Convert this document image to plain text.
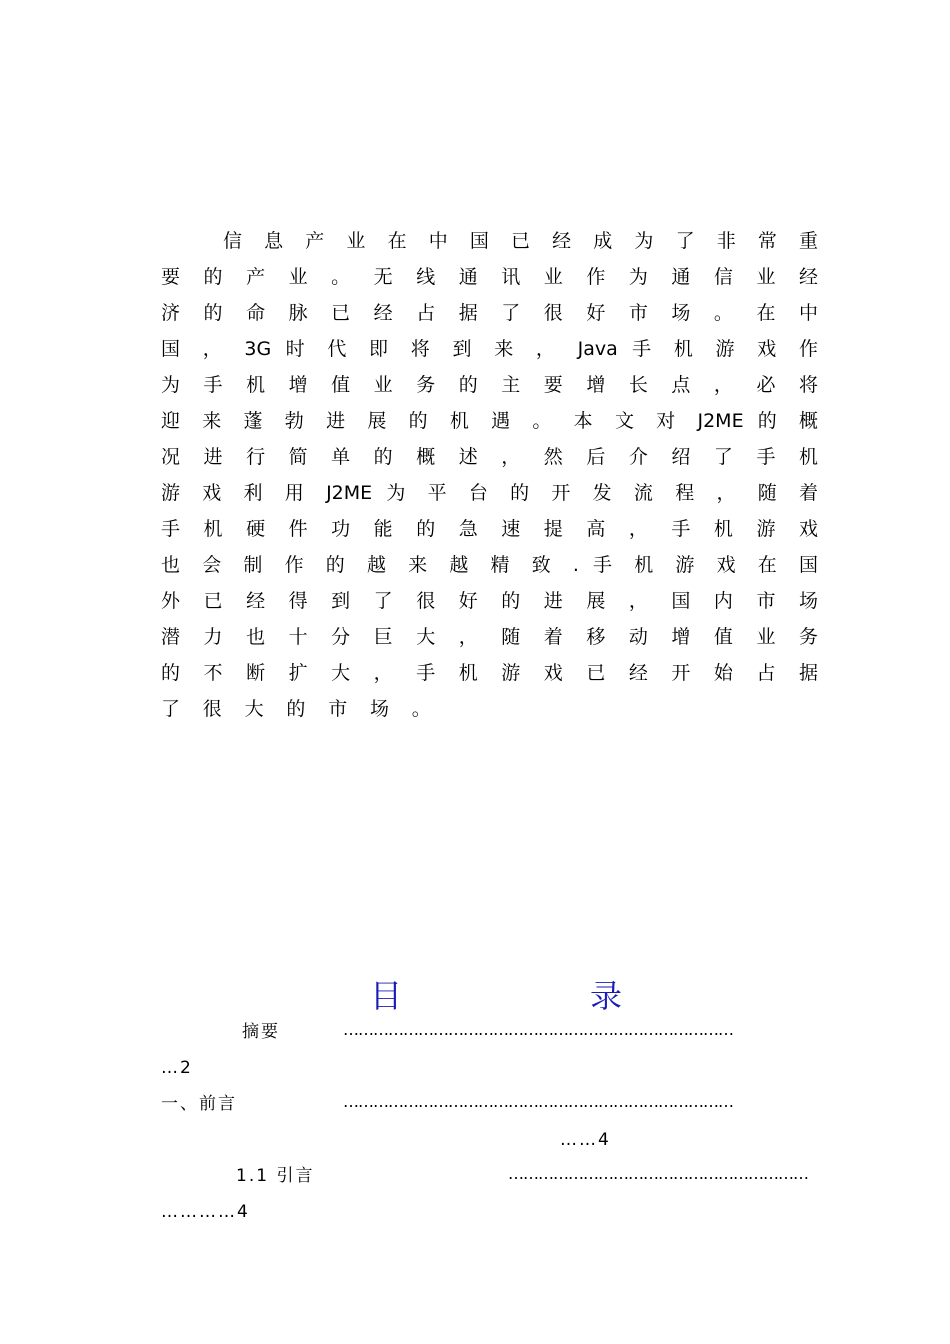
信 息 产 业 在 中 国 已 经 成 为 了 非 常 重
要 的 产 业 。 无 线 通 讯 业 作 为 通 信 业 经
济 的 命 脉 已 经 占 据 了 很 好 市 场 。 在 中
国 ， 3G 时 代 即 将 到 来 ， Java 手 机 游 戏 作
为 手 机 增 值 业 务 的 主 要 增 长 点 ， 必 将
迎 来 蓬 勃 进 展 的 机 遇 。 本 文 对 J2ME 的 概
况 进 行 简 单 的 概 述 ， 然 后 介 绍 了 手 机
游 戏 利 用 J2ME 为 平 台 的 开 发 流 程 ， 随 着
手 机 硬 件 功 能 的 急 速 提 高 ， 手 机 游 戏
也 会 制 作 的 越 来 越 精 致 . 手 机 游 戏 在 国
外 已 经 得 到 了 很 好 的 进 展 ， 国 内 市 场
潜 力 也 十 分 巨 大 ， 随 着 移 动 增 值 业 务
的 不 断 扩 大 ， 手 机 游 戏 已 经 开 始 占 据
了很大的市场。
目	录
摘要	……………………………………………………………………
…2
一、前言	……………………………………………………………………
……4
1.1 引言	……………………………………………………
…………4
